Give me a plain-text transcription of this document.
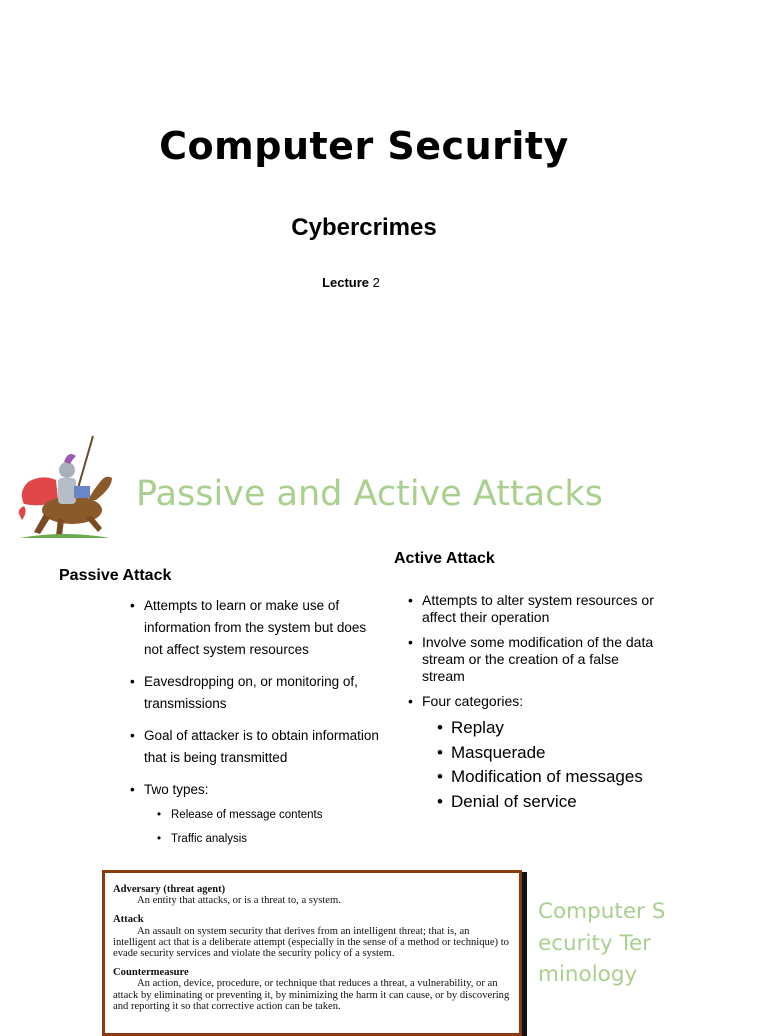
Computer Security
Cybercrimes
Lecture 2
Passive and Active Attacks
Passive Attack
• Attempts to learn or make use of information from the system but does not affect system resources
• Eavesdropping on, or monitoring of, transmissions
• Goal of attacker is to obtain information that is being transmitted
• Two types:
• Release of message contents
• Traffic analysis
Active Attack
• Attempts to alter system resources or affect their operation
• Involve some modification of the data stream or the creation of a false stream
• Four categories:
• Replay
• Masquerade
• Modification of messages
• Denial of service
Adversary (threat agent)
An entity that attacks, or is a threat to, a system.
Attack
An assault on system security that derives from an intelligent threat; that is, an intelligent act that is a deliberate attempt (especially in the sense of a method or technique) to evade security services and violate the security policy of a system.
Countermeasure
An action, device, procedure, or technique that reduces a threat, a vulnerability, or an attack by eliminating or preventing it, by minimizing the harm it can cause, or by discovering and reporting it so that corrective action can be taken.
Computer Security Terminology
